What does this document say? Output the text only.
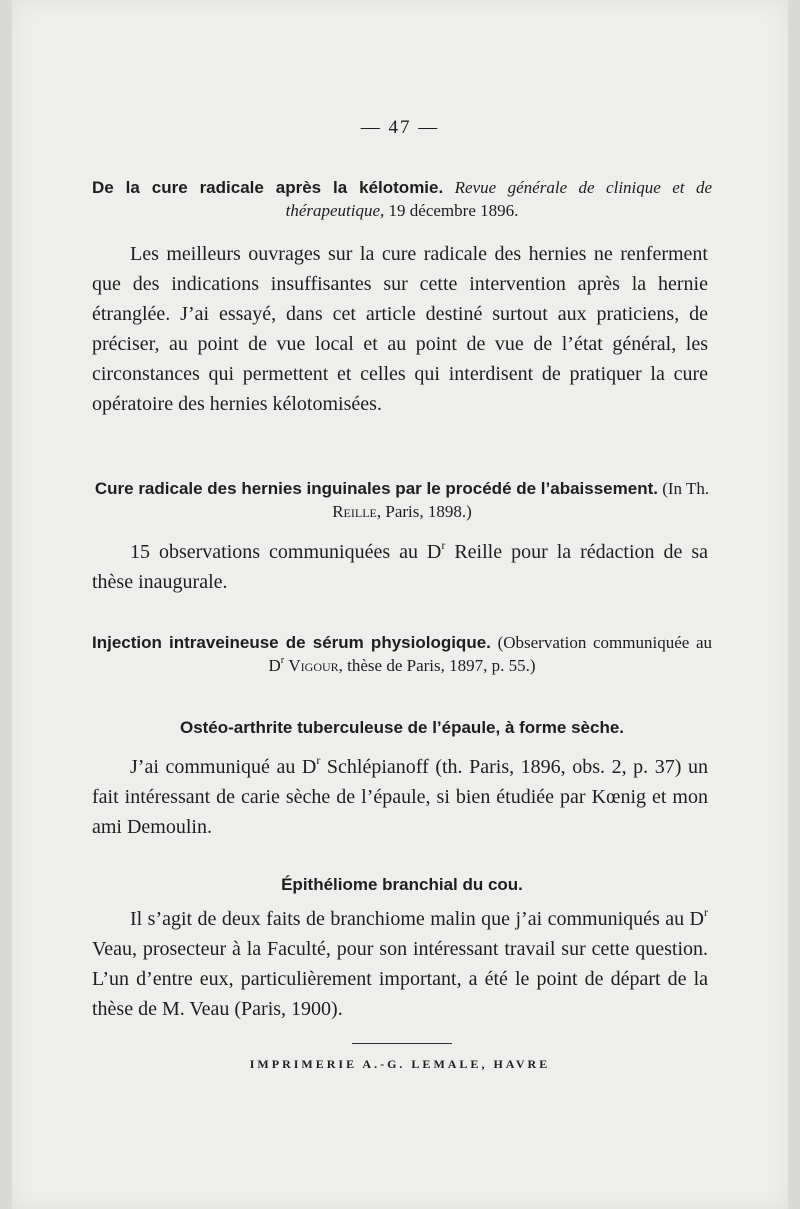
— 47 —
De la cure radicale après la kélotomie. Revue générale de clinique et de thérapeutique, 19 décembre 1896.
Les meilleurs ouvrages sur la cure radicale des hernies ne renferment que des indications insuffisantes sur cette intervention après la hernie étranglée. J’ai essayé, dans cet article destiné surtout aux praticiens, de préciser, au point de vue local et au point de vue de l’état général, les circonstances qui permettent et celles qui interdisent de pratiquer la cure opératoire des hernies kélotomisées.
Cure radicale des hernies inguinales par le procédé de l’abaissement. (In Th. Reille, Paris, 1898.)
15 observations communiquées au $D^r$ Reille pour la rédaction de sa thèse inaugurale.
Injection intraveineuse de sérum physiologique. (Observation communiquée au $D^r$ Vigour, thèse de Paris, 1897, p. 55.)
Ostéo-arthrite tuberculeuse de l’épaule, à forme sèche.
J’ai communiqué au $D^r$ Schlépianoff (th. Paris, 1896, obs. 2, p. 37) un fait intéressant de carie sèche de l’épaule, si bien étudiée par Kœnig et mon ami Demoulin.
Épithéliome branchial du cou.
Il s’agit de deux faits de branchiome malin que j’ai communiqués au $D^r$ Veau, prosecteur à la Faculté, pour son intéressant travail sur cette question. L’un d’entre eux, particulièrement important, a été le point de départ de la thèse de M. Veau (Paris, 1900).
IMPRIMERIE A.-G. LEMALE, HAVRE
